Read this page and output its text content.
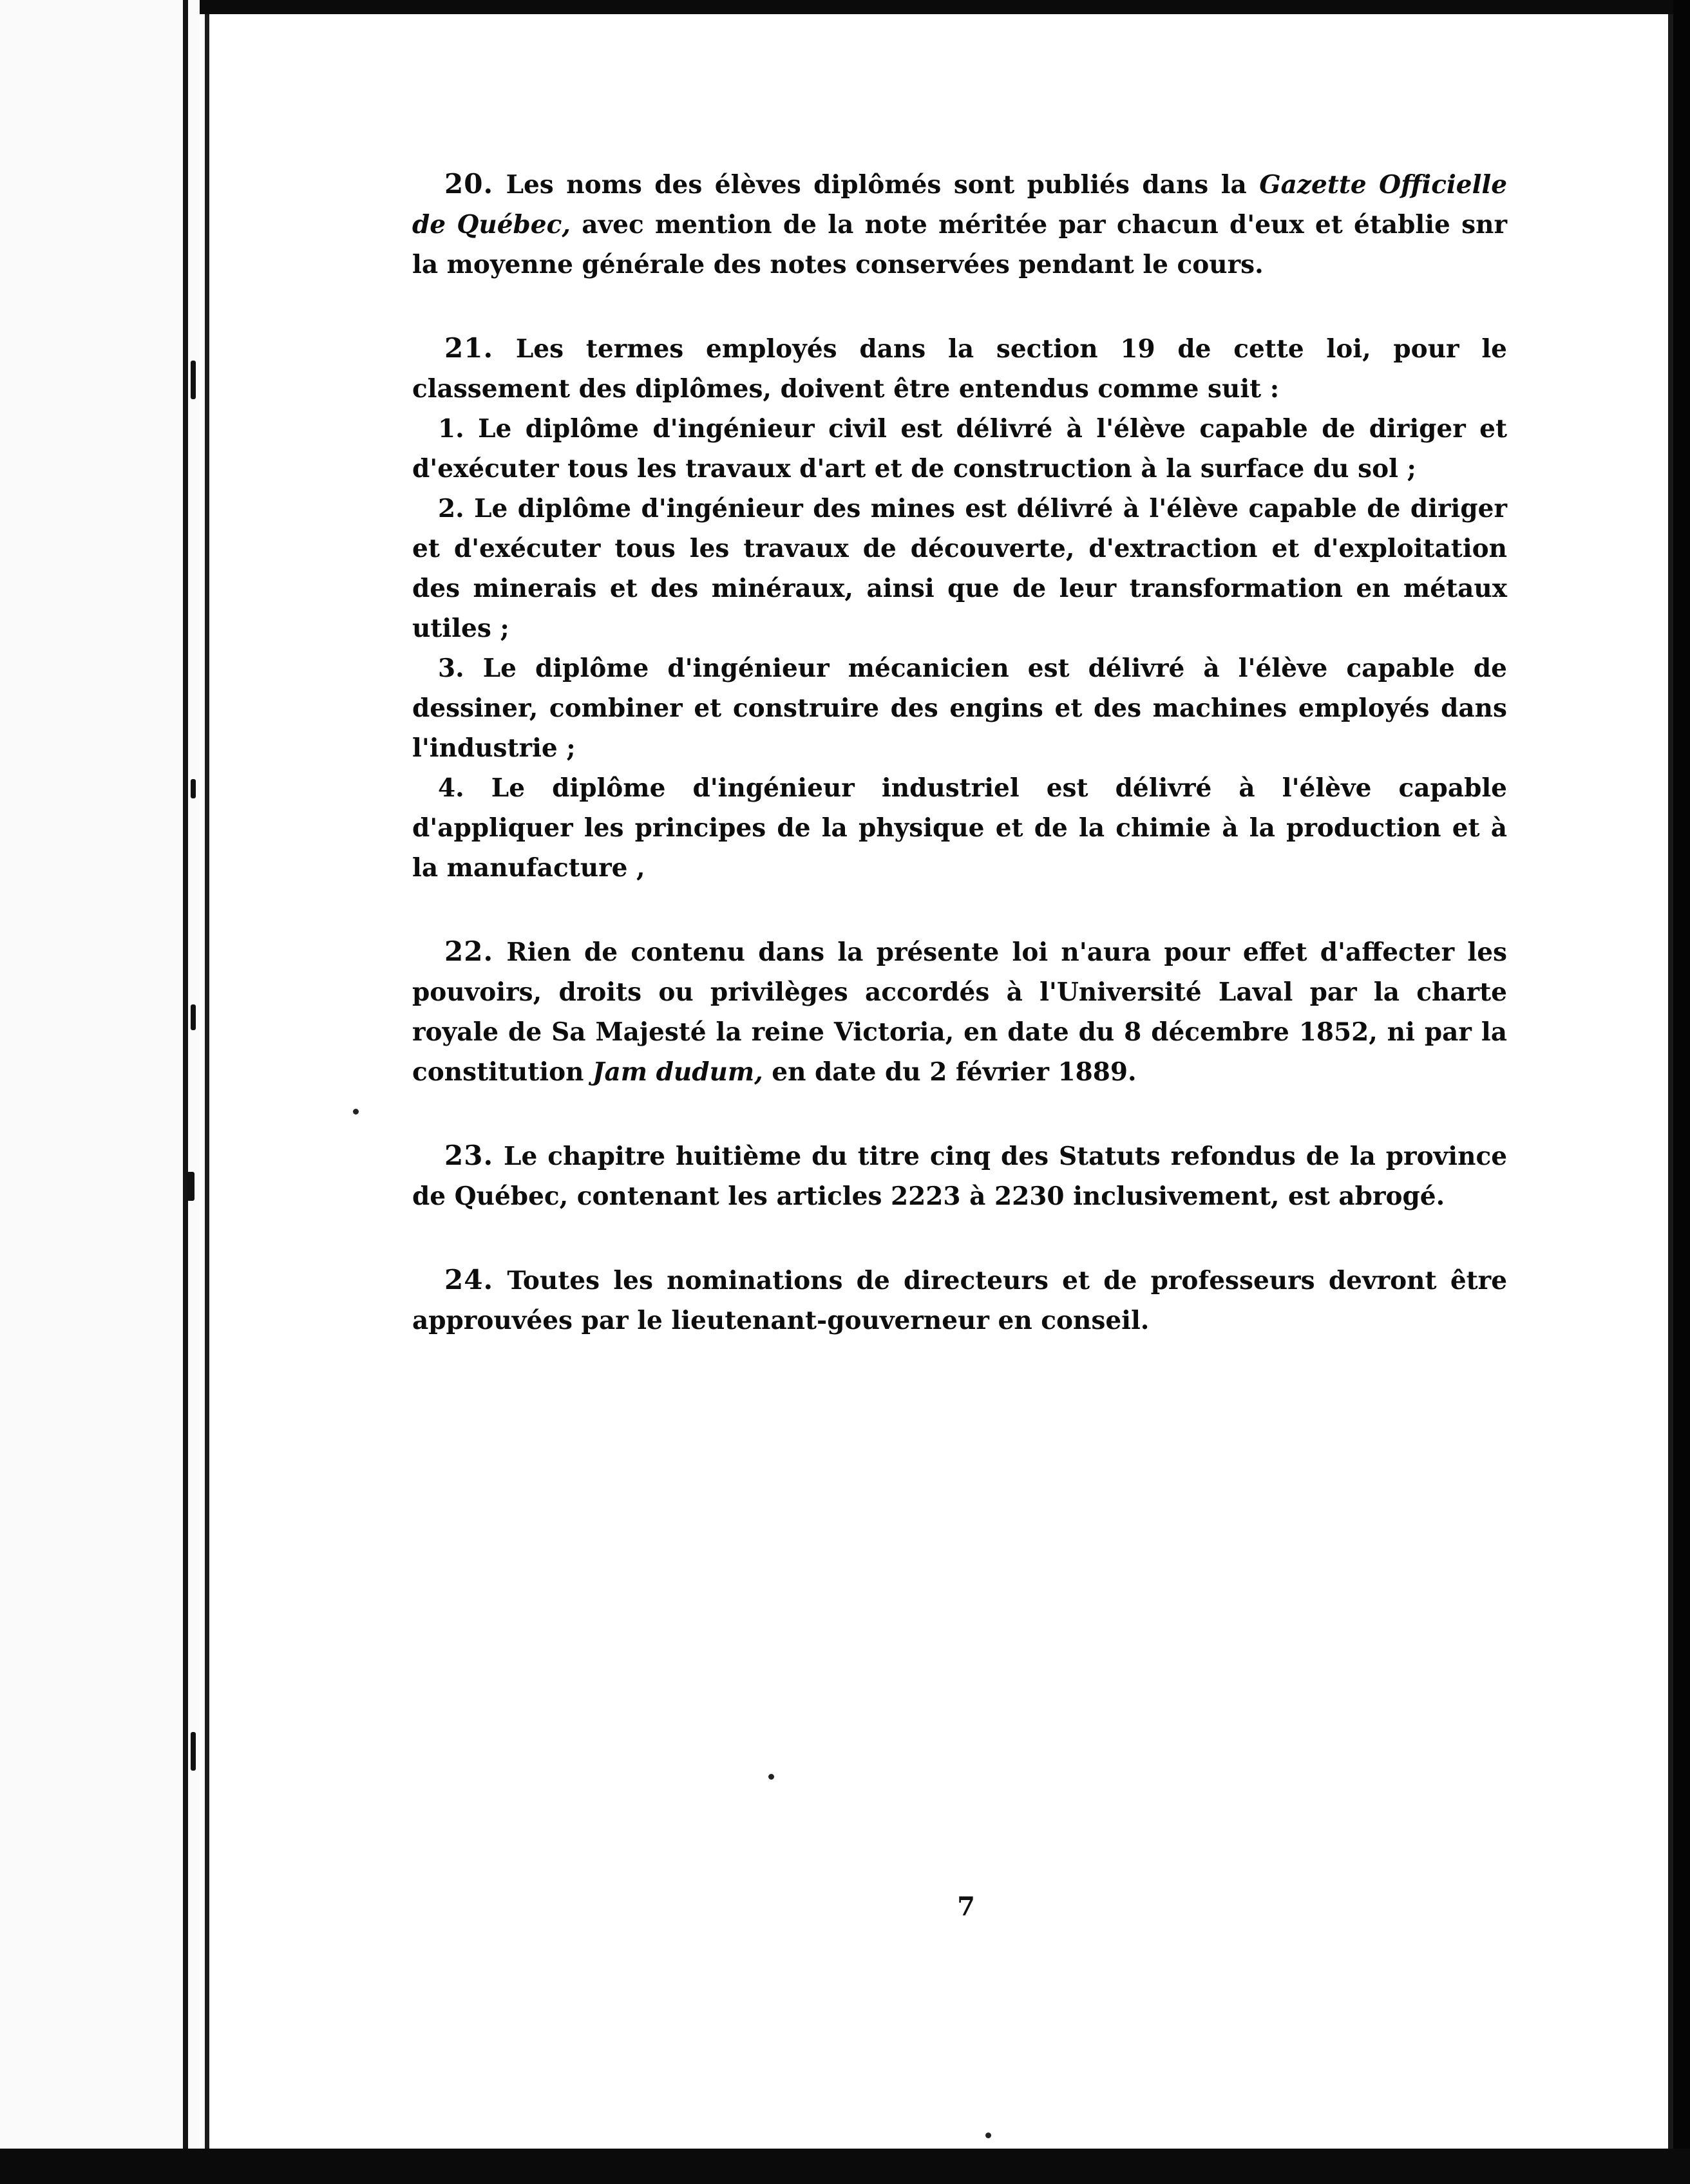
20. Les noms des élèves diplômés sont publiés dans la Gazette Officielle de Québec, avec mention de la note méritée par chacun d'eux et établie snr la moyenne générale des notes conservées pendant le cours.

21. Les termes employés dans la section 19 de cette loi, pour le classement des diplômes, doivent être entendus comme suit :

1. Le diplôme d'ingénieur civil est délivré à l'élève capable de diriger et d'exécuter tous les travaux d'art et de construction à la surface du sol ;

2. Le diplôme d'ingénieur des mines est délivré à l'élève capable de diriger et d'exécuter tous les travaux de découverte, d'extraction et d'exploitation des minerais et des minéraux, ainsi que de leur transformation en métaux utiles ;

3. Le diplôme d'ingénieur mécanicien est délivré à l'élève capable de dessiner, combiner et construire des engins et des machines employés dans l'industrie ;

4. Le diplôme d'ingénieur industriel est délivré à l'élève capable d'appliquer les principes de la physique et de la chimie à la production et à la manufacture ,

22. Rien de contenu dans la présente loi n'aura pour effet d'affecter les pouvoirs, droits ou privilèges accordés à l'Université Laval par la charte royale de Sa Majesté la reine Victoria, en date du 8 décembre 1852, ni par la constitution Jam dudum, en date du 2 février 1889.

23. Le chapitre huitième du titre cinq des Statuts refondus de la province de Québec, contenant les articles 2223 à 2230 inclusivement, est abrogé.

24. Toutes les nominations de directeurs et de professeurs devront être approuvées par le lieutenant-gouverneur en conseil.

7
